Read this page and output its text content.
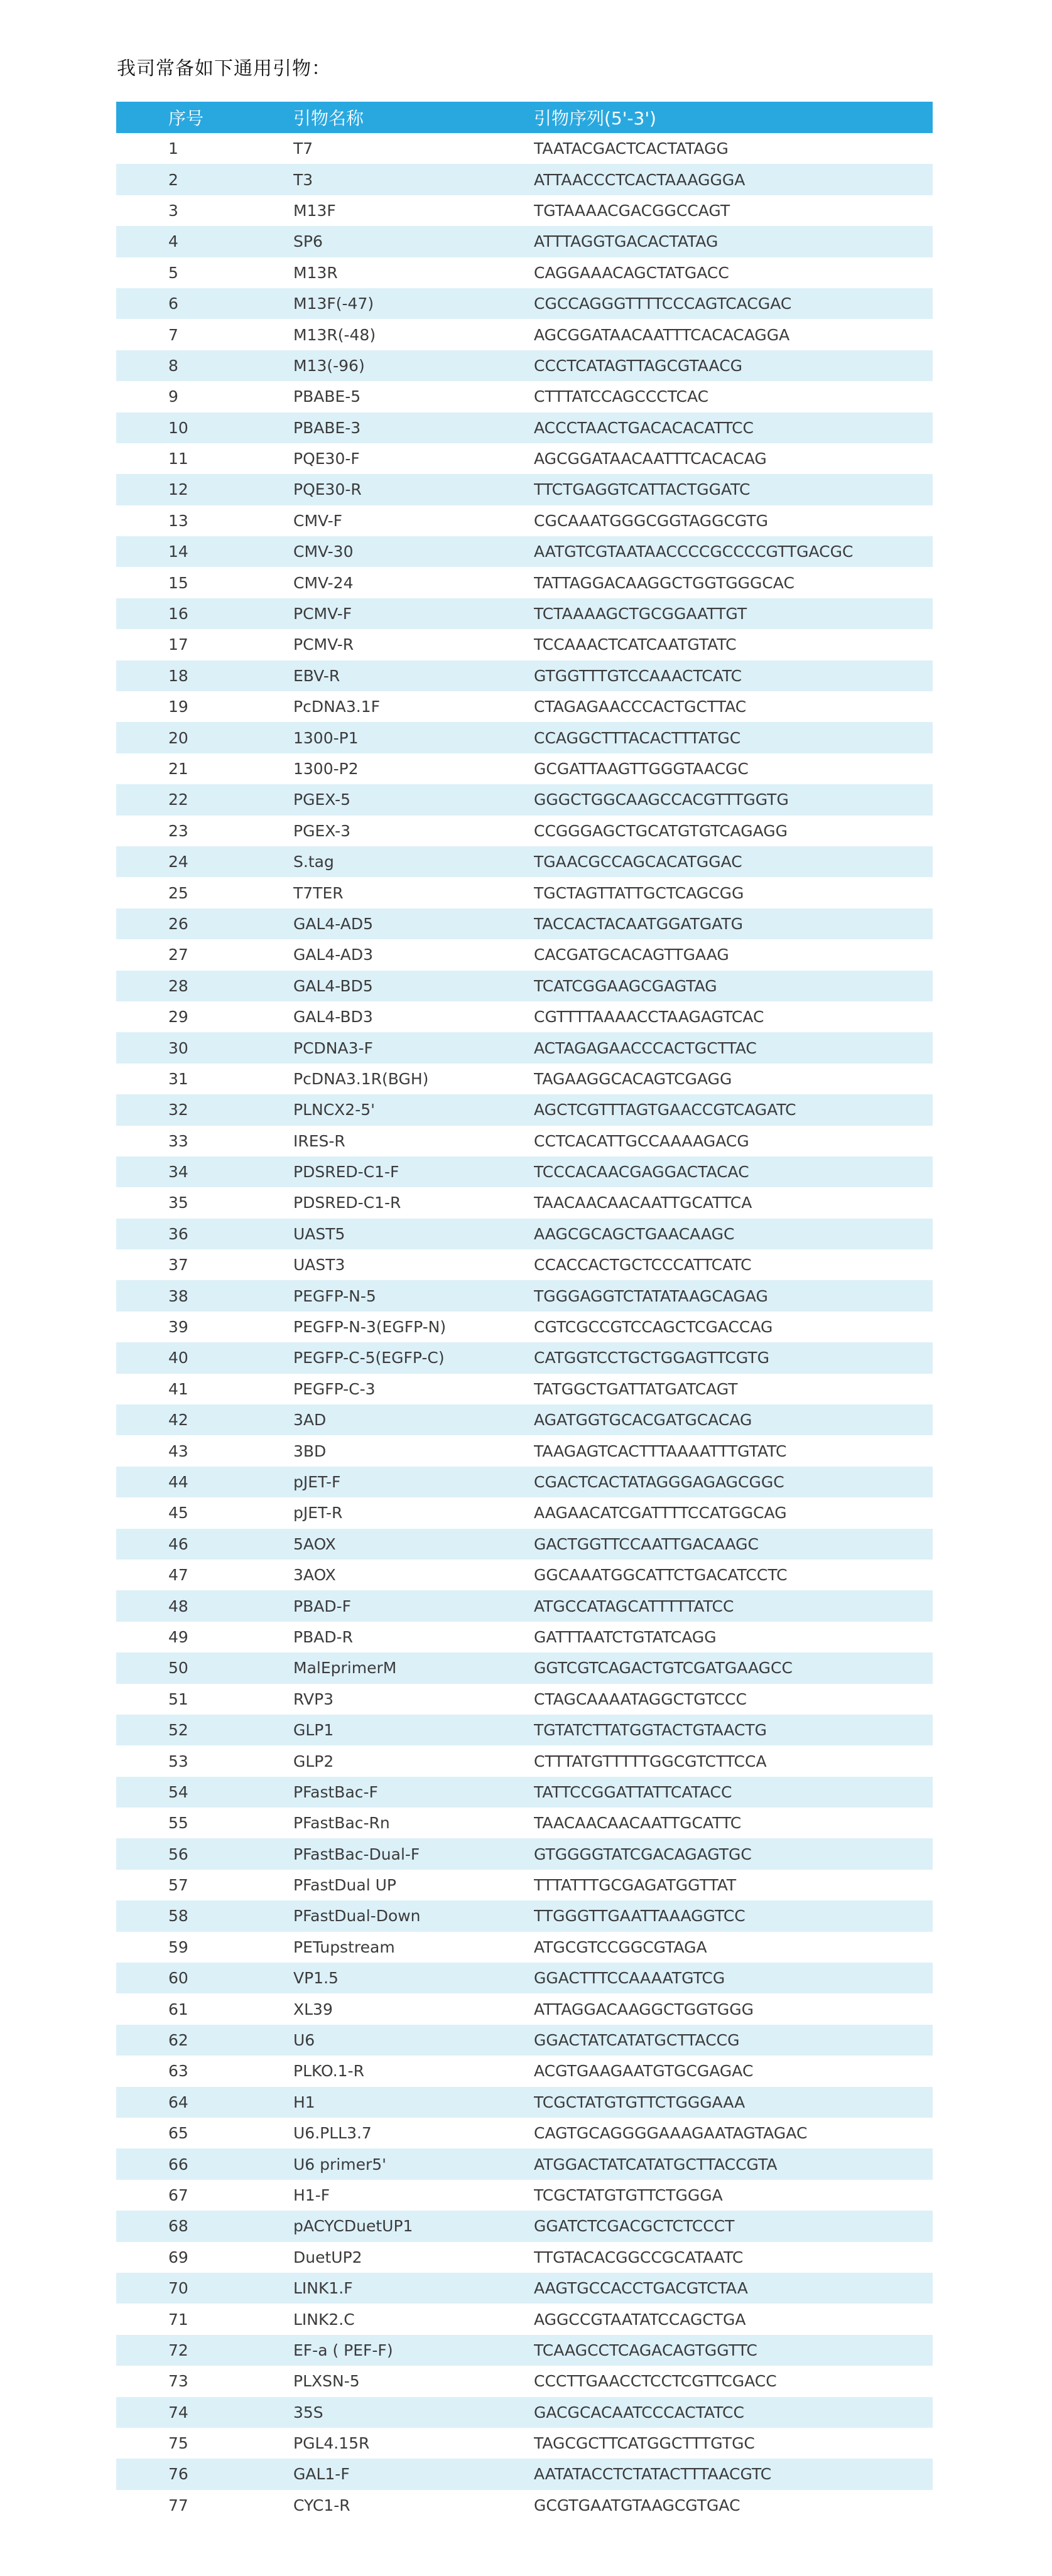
我司常备如下通用引物：
序号	引物名称	引物序列(5'-3')
1	T7	TAATACGACTCACTATAGG
2	T3	ATTAACCCTCACTAAAGGGA
3	M13F	TGTAAAACGACGGCCAGT
4	SP6	ATTTAGGTGACACTATAG
5	M13R	CAGGAAACAGCTATGACC
6	M13F(-47)	CGCCAGGGTTTTCCCAGTCACGAC
7	M13R(-48)	AGCGGATAACAATTTCACACAGGA
8	M13(-96)	CCCTCATAGTTAGCGTAACG
9	PBABE-5	CTTTATCCAGCCCTCAC
10	PBABE-3	ACCCTAACTGACACACATTCC
11	PQE30-F	AGCGGATAACAATTTCACACAG
12	PQE30-R	TTCTGAGGTCATTACTGGATC
13	CMV-F	CGCAAATGGGCGGTAGGCGTG
14	CMV-30	AATGTCGTAATAACCCCGCCCCGTTGACGC
15	CMV-24	TATTAGGACAAGGCTGGTGGGCAC
16	PCMV-F	TCTAAAAGCTGCGGAATTGT
17	PCMV-R	TCCAAACTCATCAATGTATC
18	EBV-R	GTGGTTTGTCCAAACTCATC
19	PcDNA3.1F	CTAGAGAACCCACTGCTTAC
20	1300-P1	CCAGGCTTTACACTTTATGC
21	1300-P2	GCGATTAAGTTGGGTAACGC
22	PGEX-5	GGGCTGGCAAGCCACGTTTGGTG
23	PGEX-3	CCGGGAGCTGCATGTGTCAGAGG
24	S.tag	TGAACGCCAGCACATGGAC
25	T7TER	TGCTAGTTATTGCTCAGCGG
26	GAL4-AD5	TACCACTACAATGGATGATG
27	GAL4-AD3	CACGATGCACAGTTGAAG
28	GAL4-BD5	TCATCGGAAGCGAGTAG
29	GAL4-BD3	CGTTTTAAAACCTAAGAGTCAC
30	PCDNA3-F	ACTAGAGAACCCACTGCTTAC
31	PcDNA3.1R(BGH)	TAGAAGGCACAGTCGAGG
32	PLNCX2-5'	AGCTCGTTTAGTGAACCGTCAGATC
33	IRES-R	CCTCACATTGCCAAAAGACG
34	PDSRED-C1-F	TCCCACAACGAGGACTACAC
35	PDSRED-C1-R	TAACAACAACAATTGCATTCA
36	UAST5	AAGCGCAGCTGAACAAGC
37	UAST3	CCACCACTGCTCCCATTCATC
38	PEGFP-N-5	TGGGAGGTCTATATAAGCAGAG
39	PEGFP-N-3(EGFP-N)	CGTCGCCGTCCAGCTCGACCAG
40	PEGFP-C-5(EGFP-C)	CATGGTCCTGCTGGAGTTCGTG
41	PEGFP-C-3	TATGGCTGATTATGATCAGT
42	3AD	AGATGGTGCACGATGCACAG
43	3BD	TAAGAGTCACTTTAAAATTTGTATC
44	pJET-F	CGACTCACTATAGGGAGAGCGGC
45	pJET-R	AAGAACATCGATTTTCCATGGCAG
46	5AOX	GACTGGTTCCAATTGACAAGC
47	3AOX	GGCAAATGGCATTCTGACATCCTC
48	PBAD-F	ATGCCATAGCATTTTTATCC
49	PBAD-R	GATTTAATCTGTATCAGG
50	MalEprimerM	GGTCGTCAGACTGTCGATGAAGCC
51	RVP3	CTAGCAAAATAGGCTGTCCC
52	GLP1	TGTATCTTATGGTACTGTAACTG
53	GLP2	CTTTATGTTTTTGGCGTCTTCCA
54	PFastBac-F	TATTCCGGATTATTCATACC
55	PFastBac-Rn	TAACAACAACAATTGCATTC
56	PFastBac-Dual-F	GTGGGGTATCGACAGAGTGC
57	PFastDual UP	TTTATTTGCGAGATGGTTAT
58	PFastDual-Down	TTGGGTTGAATTAAAGGTCC
59	PETupstream	ATGCGTCCGGCGTAGA
60	VP1.5	GGACTTTCCAAAATGTCG
61	XL39	ATTAGGACAAGGCTGGTGGG
62	U6	GGACTATCATATGCTTACCG
63	PLKO.1-R	ACGTGAAGAATGTGCGAGAC
64	H1	TCGCTATGTGTTCTGGGAAA
65	U6.PLL3.7	CAGTGCAGGGGAAAGAATAGTAGAC
66	U6 primer5'	ATGGACTATCATATGCTTACCGTA
67	H1-F	TCGCTATGTGTTCTGGGA
68	pACYCDuetUP1	GGATCTCGACGCTCTCCCT
69	DuetUP2	TTGTACACGGCCGCATAATC
70	LINK1.F	AAGTGCCACCTGACGTCTAA
71	LINK2.C	AGGCCGTAATATCCAGCTGA
72	EF-a ( PEF-F)	TCAAGCCTCAGACAGTGGTTC
73	PLXSN-5	CCCTTGAACCTCCTCGTTCGACC
74	35S	GACGCACAATCCCACTATCC
75	PGL4.15R	TAGCGCTTCATGGCTTTGTGC
76	GAL1-F	AATATACCTCTATACTTTAACGTC
77	CYC1-R	GCGTGAATGTAAGCGTGAC
